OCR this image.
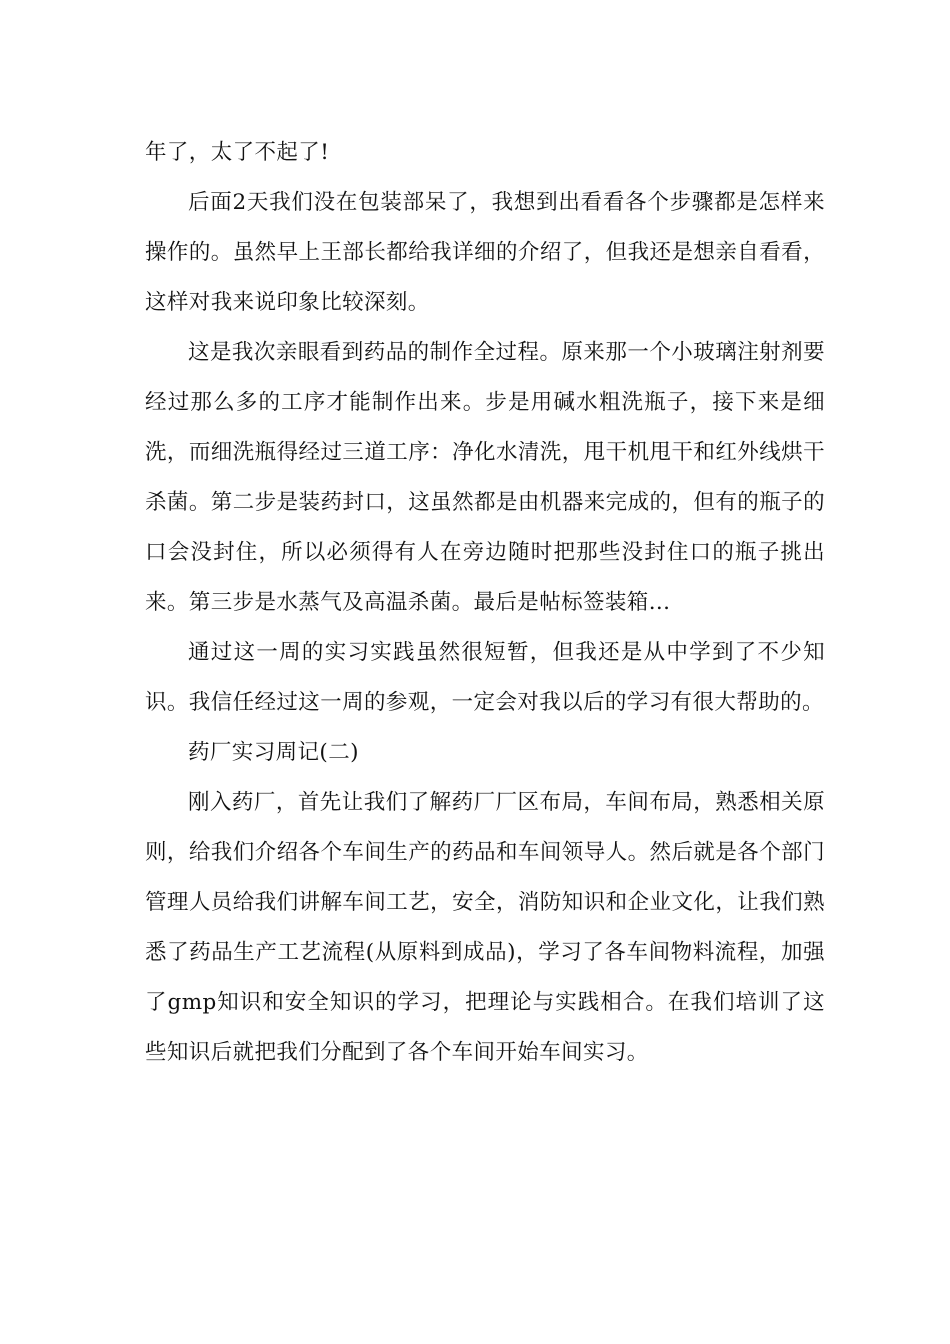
年了，太了不起了!

后面2天我们没在包装部呆了，我想到出看看各个步骤都是怎样来操作的。虽然早上王部长都给我详细的介绍了，但我还是想亲自看看，这样对我来说印象比较深刻。

这是我次亲眼看到药品的制作全过程。原来那一个小玻璃注射剂要经过那么多的工序才能制作出来。步是用碱水粗洗瓶子，接下来是细洗，而细洗瓶得经过三道工序：净化水清洗，甩干机甩干和红外线烘干杀菌。第二步是装药封口，这虽然都是由机器来完成的，但有的瓶子的口会没封住，所以必须得有人在旁边随时把那些没封住口的瓶子挑出来。第三步是水蒸气及高温杀菌。最后是帖标签装箱...

通过这一周的实习实践虽然很短暂，但我还是从中学到了不少知识。我信任经过这一周的参观，一定会对我以后的学习有很大帮助的。

药厂实习周记(二)

刚入药厂，首先让我们了解药厂厂区布局，车间布局，熟悉相关原则，给我们介绍各个车间生产的药品和车间领导人。然后就是各个部门管理人员给我们讲解车间工艺，安全，消防知识和企业文化，让我们熟悉了药品生产工艺流程(从原料到成品)，学习了各车间物料流程，加强了gmp知识和安全知识的学习，把理论与实践相合。在我们培训了这些知识后就把我们分配到了各个车间开始车间实习。
